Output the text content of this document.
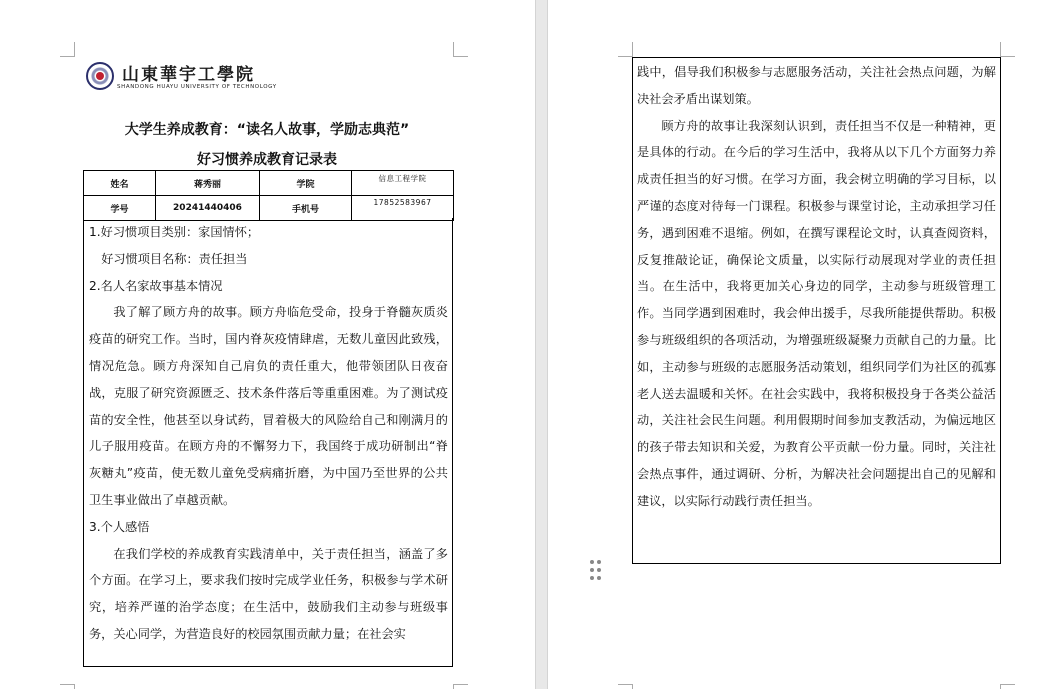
山東華宇工學院
SHANDONG HUAYU UNIVERSITY OF TECHNOLOGY
大学生养成教育：“读名人故事，学励志典范”
好习惯养成教育记录表
姓名	蒋秀丽	学院	信息工程学院
学号	20241440406	手机号	17852583967

1.好习惯项目类别：家国情怀；

好习惯项目名称：责任担当

2.名人名家故事基本情况

我了解了顾方舟的故事。顾方舟临危受命，投身于脊髓灰质炎疫苗的研究工作。当时，国内脊灰疫情肆虐，无数儿童因此致残，情况危急。顾方舟深知自己肩负的责任重大，他带领团队日夜奋战，克服了研究资源匮乏、技术条件落后等重重困难。为了测试疫苗的安全性，他甚至以身试药，冒着极大的风险给自己和刚满月的儿子服用疫苗。在顾方舟的不懈努力下，我国终于成功研制出“脊灰糖丸”疫苗，使无数儿童免受病痛折磨，为中国乃至世界的公共卫生事业做出了卓越贡献。

3.个人感悟

在我们学校的养成教育实践清单中，关于责任担当，涵盖了多个方面。在学习上，要求我们按时完成学业任务，积极参与学术研究，培养严谨的治学态度；在生活中，鼓励我们主动参与班级事务，关心同学，为营造良好的校园氛围贡献力量；在社会实

践中，倡导我们积极参与志愿服务活动，关注社会热点问题，为解决社会矛盾出谋划策。

顾方舟的故事让我深刻认识到，责任担当不仅是一种精神，更是具体的行动。在今后的学习生活中，我将从以下几个方面努力养成责任担当的好习惯。在学习方面，我会树立明确的学习目标，以严谨的态度对待每一门课程。积极参与课堂讨论，主动承担学习任务，遇到困难不退缩。例如，在撰写课程论文时，认真查阅资料，反复推敲论证，确保论文质量，以实际行动展现对学业的责任担当。在生活中，我将更加关心身边的同学，主动参与班级管理工作。当同学遇到困难时，我会伸出援手，尽我所能提供帮助。积极参与班级组织的各项活动，为增强班级凝聚力贡献自己的力量。比如，主动参与班级的志愿服务活动策划，组织同学们为社区的孤寡老人送去温暖和关怀。在社会实践中，我将积极投身于各类公益活动，关注社会民生问题。利用假期时间参加支教活动，为偏远地区的孩子带去知识和关爱，为教育公平贡献一份力量。同时，关注社会热点事件，通过调研、分析，为解决社会问题提出自己的见解和建议，以实际行动践行责任担当。
